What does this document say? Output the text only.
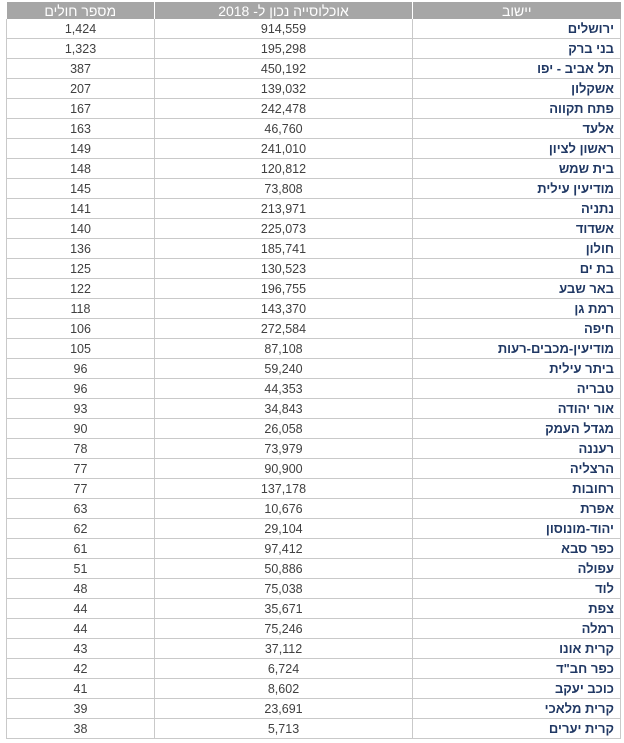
יישוב	אוכלוסייה נכון ל- 2018	מספר חולים
ירושלים	914,559	1,424
בני ברק	195,298	1,323
תל אביב - יפו	450,192	387
אשקלון	139,032	207
פתח תקווה	242,478	167
אלעד	46,760	163
ראשון לציון	241,010	149
בית שמש	120,812	148
מודיעין עילית	73,808	145
נתניה	213,971	141
אשדוד	225,073	140
חולון	185,741	136
בת ים	130,523	125
באר שבע	196,755	122
רמת גן	143,370	118
חיפה	272,584	106
מודיעין-מכבים-רעות	87,108	105
ביתר עילית	59,240	96
טבריה	44,353	96
אור יהודה	34,843	93
מגדל העמק	26,058	90
רעננה	73,979	78
הרצליה	90,900	77
רחובות	137,178	77
אפרת	10,676	63
יהוד-מונוסון	29,104	62
כפר סבא	97,412	61
עפולה	50,886	51
לוד	75,038	48
צפת	35,671	44
רמלה	75,246	44
קרית אונו	37,112	43
כפר חב"ד	6,724	42
כוכב יעקב	8,602	41
קרית מלאכי	23,691	39
קרית יערים	5,713	38
